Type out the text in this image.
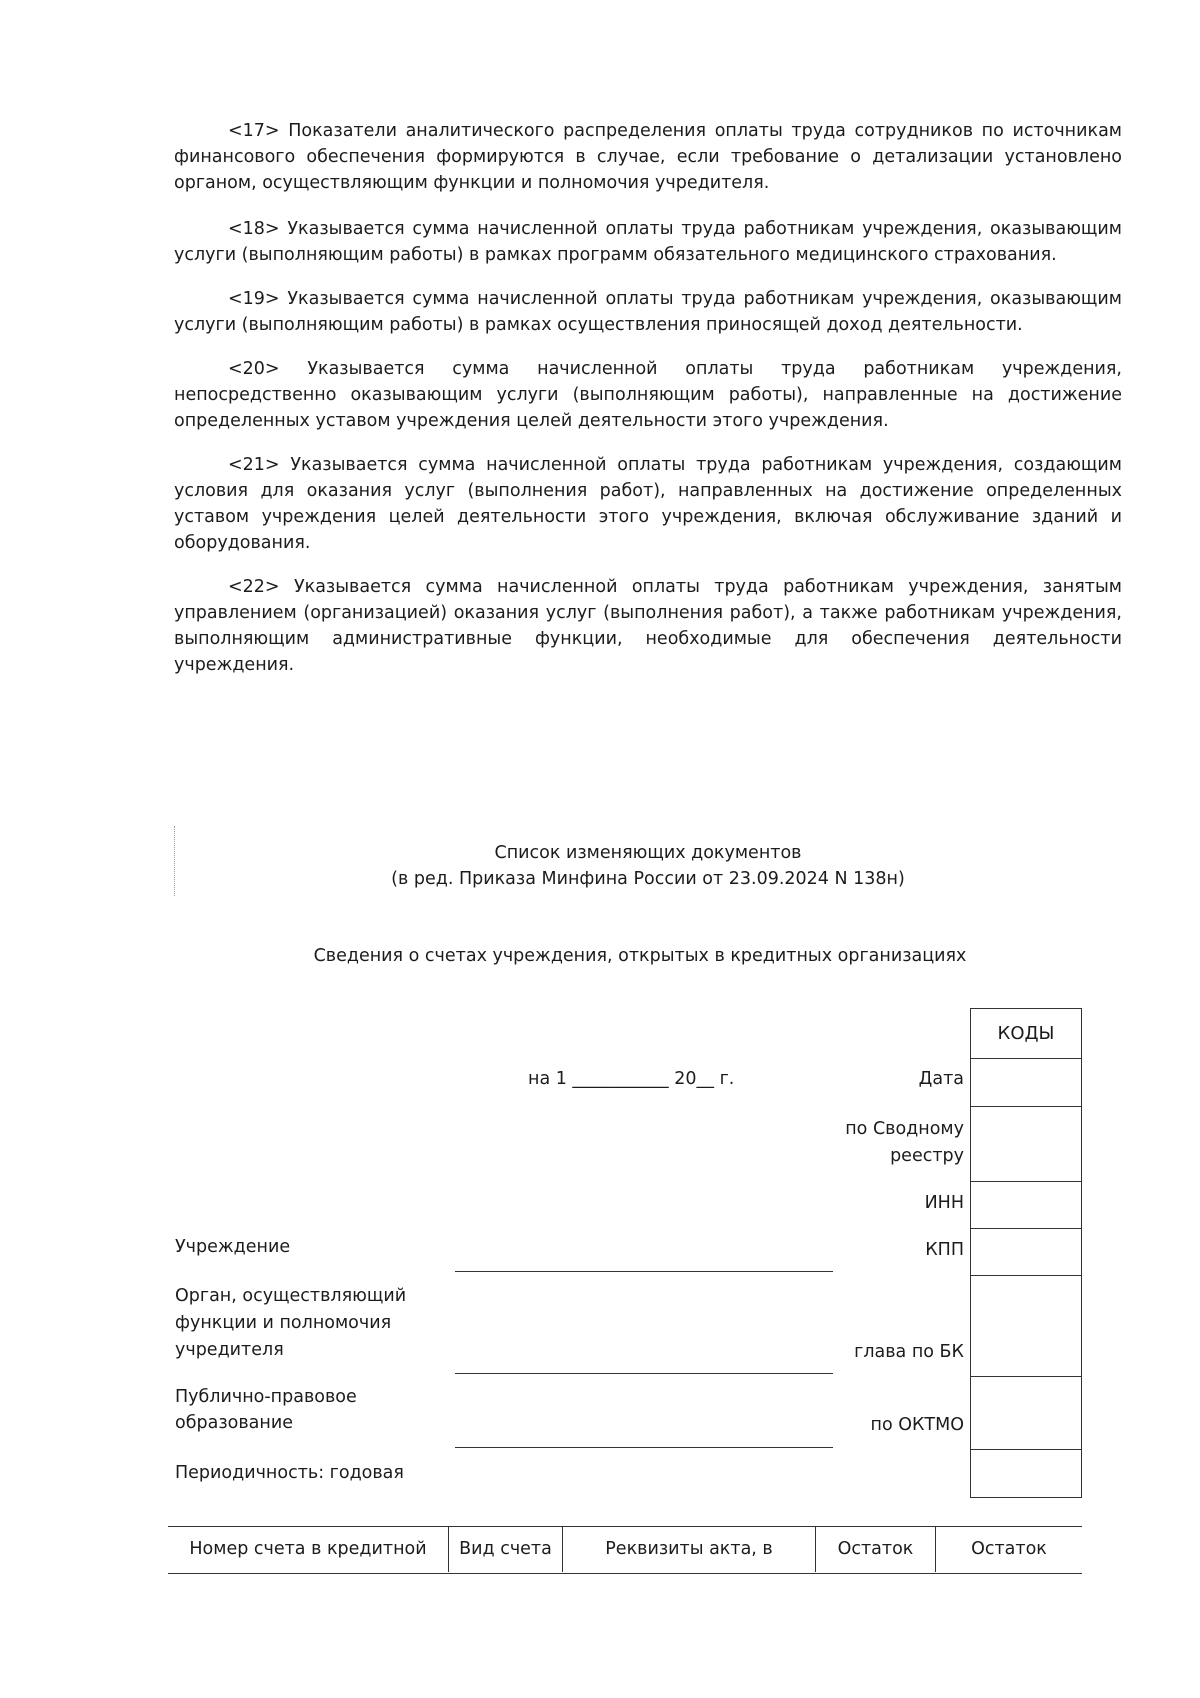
<17> Показатели аналитического распределения оплаты труда сотрудников по источникам финансового обеспечения формируются в случае, если требование о детализации установлено органом, осуществляющим функции и полномочия учредителя.

<18> Указывается сумма начисленной оплаты труда работникам учреждения, оказывающим услуги (выполняющим работы) в рамках программ обязательного медицинского страхования.

<19> Указывается сумма начисленной оплаты труда работникам учреждения, оказывающим услуги (выполняющим работы) в рамках осуществления приносящей доход деятельности.

<20> Указывается сумма начисленной оплаты труда работникам учреждения, непосредственно оказывающим услуги (выполняющим работы), направленные на достижение определенных уставом учреждения целей деятельности этого учреждения.

<21> Указывается сумма начисленной оплаты труда работникам учреждения, создающим условия для оказания услуг (выполнения работ), направленных на достижение определенных уставом учреждения целей деятельности этого учреждения, включая обслуживание зданий и оборудования.

<22> Указывается сумма начисленной оплаты труда работникам учреждения, занятым управлением (организацией) оказания услуг (выполнения работ), а также работникам учреждения, выполняющим административные функции, необходимые для обеспечения деятельности учреждения.

Список изменяющих документов
(в ред. Приказа Минфина России от 23.09.2024 N 138н)
Сведения о счетах учреждения, открытых в кредитных организациях
на 1 ___________ 20__ г.	Дата
по Сводному
реестру
ИНН
КПП
глава по БК
по ОКТМО
КОДЫ
Учреждение
Орган, осуществляющий
функции и полномочия
учредителя
Публично-правовое
образование
Периодичность: годовая
Номер счета в кредитной	Вид счета	Реквизиты акта, в	Остаток	Остаток
